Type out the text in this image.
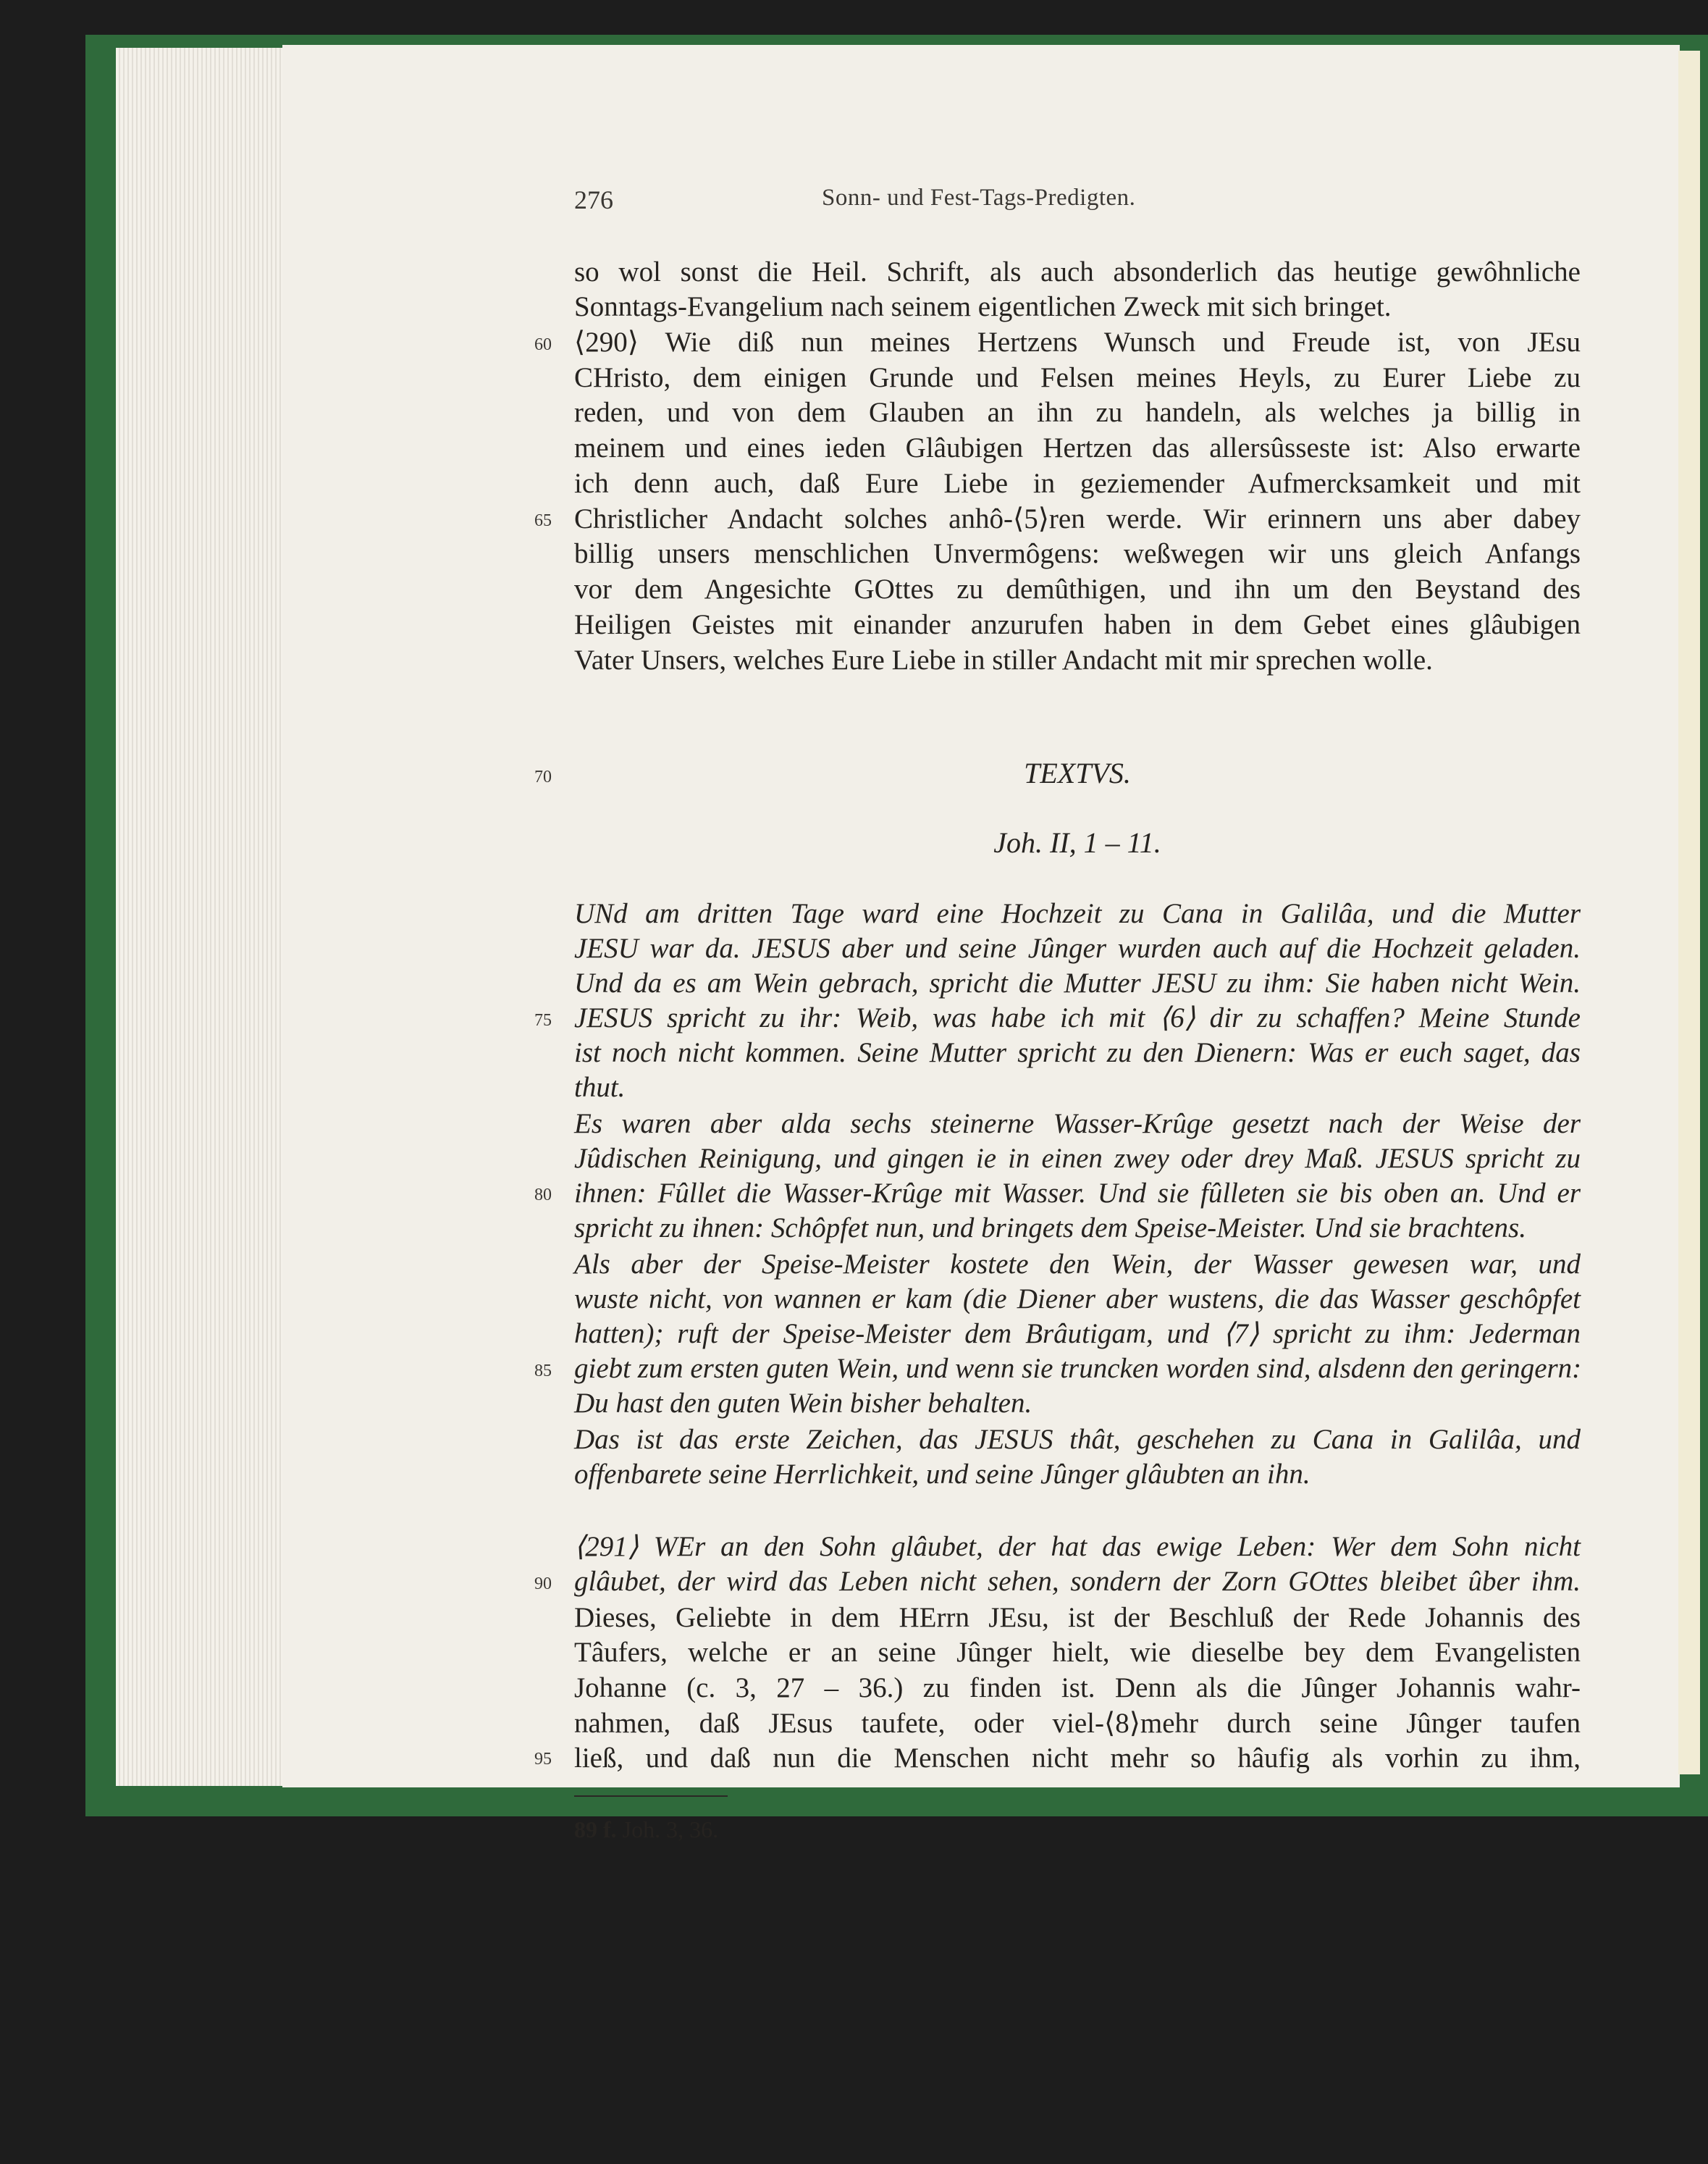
276	Sonn- und Fest-Tags-Predigten.
so wol sonst die Heil. Schrift, als auch absonderlich das heutige gewôhnliche
Sonntags-Evangelium nach seinem eigentlichen Zweck mit sich bringet.
⟨290⟩ Wie diß nun meines Hertzens Wunsch und Freude ist, von JEsu
CHristo, dem einigen Grunde und Felsen meines Heyls, zu Eurer Liebe zu
reden, und von dem Glauben an ihn zu handeln, als welches ja billig in
meinem und eines ieden Glâubigen Hertzen das allersûsseste ist: Also erwarte
ich denn auch, daß Eure Liebe in geziemender Aufmercksamkeit und mit
Christlicher Andacht solches anhô-⟨5⟩ren werde. Wir erinnern uns aber dabey
billig unsers menschlichen Unvermôgens: weßwegen wir uns gleich Anfangs
vor dem Angesichte GOttes zu demûthigen, und ihn um den Beystand des
Heiligen Geistes mit einander anzurufen haben in dem Gebet eines glâubigen
Vater Unsers, welches Eure Liebe in stiller Andacht mit mir sprechen wolle.
TEXTVS.
Joh. II, 1 – 11.
UNd am dritten Tage ward eine Hochzeit zu Cana in Galilâa, und die Mutter
JESU war da. JESUS aber und seine Jûnger wurden auch auf die Hochzeit geladen.
Und da es am Wein gebrach, spricht die Mutter JESU zu ihm: Sie haben nicht Wein.
JESUS spricht zu ihr: Weib, was habe ich mit ⟨6⟩ dir zu schaffen? Meine Stunde
ist noch nicht kommen. Seine Mutter spricht zu den Dienern: Was er euch saget, das
thut.
Es waren aber alda sechs steinerne Wasser-Krûge gesetzt nach der Weise der
Jûdischen Reinigung, und gingen ie in einen zwey oder drey Maß. JESUS spricht zu
ihnen: Fûllet die Wasser-Krûge mit Wasser. Und sie fûlleten sie bis oben an. Und er
spricht zu ihnen: Schôpfet nun, und bringets dem Speise-Meister. Und sie brachtens.
Als aber der Speise-Meister kostete den Wein, der Wasser gewesen war, und
wuste nicht, von wannen er kam (die Diener aber wustens, die das Wasser geschôpfet
hatten); ruft der Speise-Meister dem Brâutigam, und ⟨7⟩ spricht zu ihm: Jederman
giebt zum ersten guten Wein, und wenn sie truncken worden sind, alsdenn den geringern:
Du hast den guten Wein bisher behalten.
Das ist das erste Zeichen, das JESUS thât, geschehen zu Cana in Galilâa, und
offenbarete seine Herrlichkeit, und seine Jûnger glâubten an ihn.
⟨291⟩ WEr an den Sohn glâubet, der hat das ewige Leben: Wer dem Sohn nicht
glâubet, der wird das Leben nicht sehen, sondern der Zorn GOttes bleibet ûber ihm.
Dieses, Geliebte in dem HErrn JEsu, ist der Beschluß der Rede Johannis des
Tâufers, welche er an seine Jûnger hielt, wie dieselbe bey dem Evangelisten
Johanne (c. 3, 27 – 36.) zu finden ist. Denn als die Jûnger Johannis wahr-
nahmen, daß JEsus taufete, oder viel-⟨8⟩mehr durch seine Jûnger taufen
ließ, und daß nun die Menschen nicht mehr so hâufig als vorhin zu ihm,
60
65
70
75
80
85
90
95
89 f. Joh. 3, 36.
